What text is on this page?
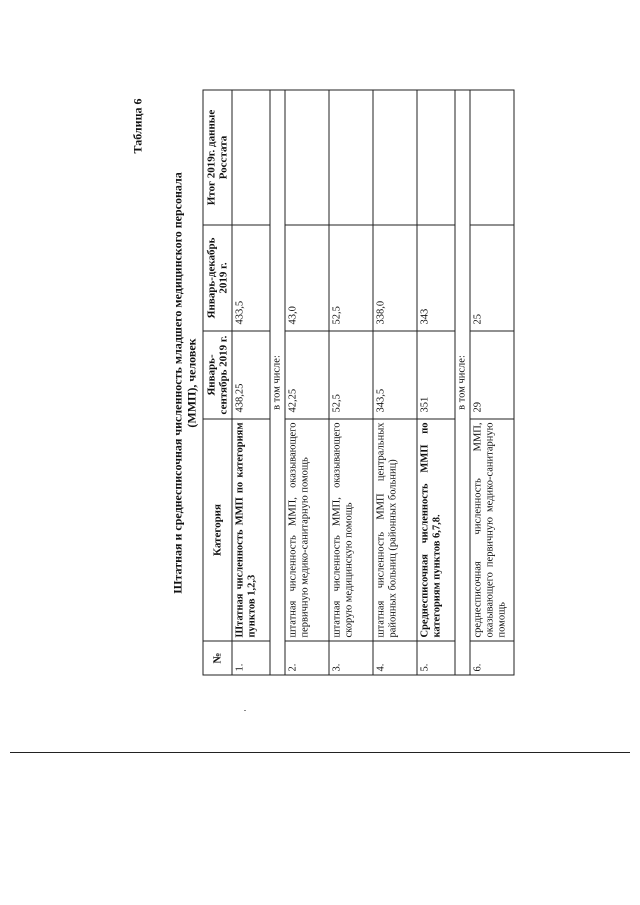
Таблица 6
Штатная и среднесписочная численность младшего медицинского персонала (ММП), человек
№	Категория	Январь-сентябрь 2019 г.	Январь-декабрь 2019 г.	Итог 2019г. данные Росстата
1.	Штатная численность ММП по категориям пунктов 1,2,3	438,25	433,5	
в том числе:				
2.	штатная численность ММП, оказывающего первичную медико-санитарную помощь	42,25	43,0	
3.	штатная численность ММП, оказывающего скорую медицинскую помощь	52,5	52,5	
4.	штатная численность ММП центральных районных больниц (районных больниц)	343,5	338,0	
5.	Среднесписочная численность ММП по категориям пунктов 6,7,8.	351	343	
в том числе:				
6.	среднесписочная численность ММП, оказывающего первичную медико-санитарную помощь	29	25	
